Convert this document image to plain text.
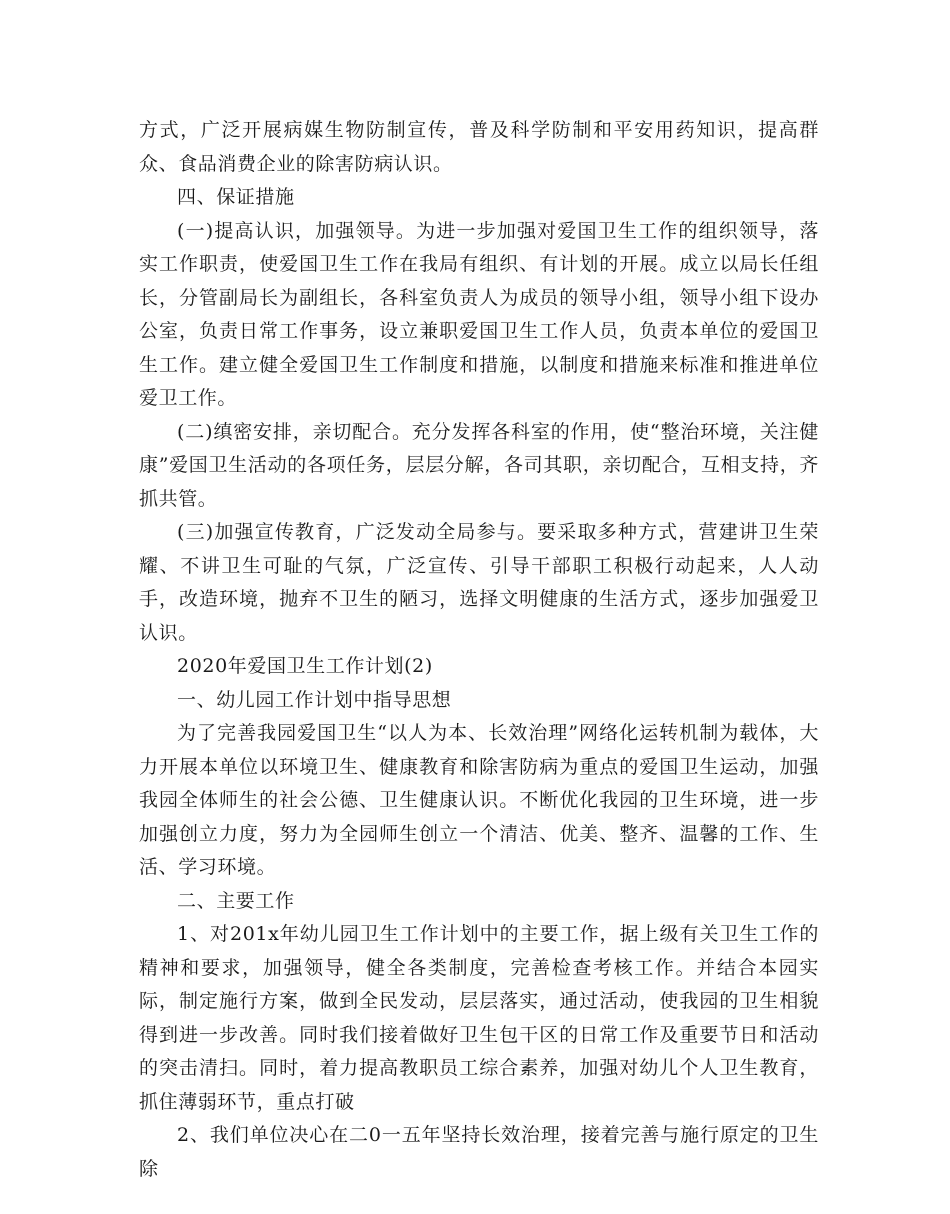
方式，广泛开展病媒生物防制宣传，普及科学防制和平安用药知识，提高群众、食品消费企业的除害防病认识。

四、保证措施

(一)提高认识，加强领导。为进一步加强对爱国卫生工作的组织领导，落实工作职责，使爱国卫生工作在我局有组织、有计划的开展。成立以局长任组长，分管副局长为副组长，各科室负责人为成员的领导小组，领导小组下设办公室，负责日常工作事务，设立兼职爱国卫生工作人员，负责本单位的爱国卫生工作。建立健全爱国卫生工作制度和措施，以制度和措施来标准和推进单位爱卫工作。

(二)缜密安排，亲切配合。充分发挥各科室的作用，使“整治环境，关注健康”爱国卫生活动的各项任务，层层分解，各司其职，亲切配合，互相支持，齐抓共管。

(三)加强宣传教育，广泛发动全局参与。要采取多种方式，营建讲卫生荣耀、不讲卫生可耻的气氛，广泛宣传、引导干部职工积极行动起来，人人动手，改造环境，抛弃不卫生的陋习，选择文明健康的生活方式，逐步加强爱卫认识。

2020年爱国卫生工作计划(2)

一、幼儿园工作计划中指导思想

为了完善我园爱国卫生“以人为本、长效治理”网络化运转机制为载体，大力开展本单位以环境卫生、健康教育和除害防病为重点的爱国卫生运动，加强我园全体师生的社会公德、卫生健康认识。不断优化我园的卫生环境，进一步加强创立力度，努力为全园师生创立一个清洁、优美、整齐、温馨的工作、生活、学习环境。

二、主要工作

1、对201x年幼儿园卫生工作计划中的主要工作，据上级有关卫生工作的精神和要求，加强领导，健全各类制度，完善检查考核工作。并结合本园实际，制定施行方案，做到全民发动，层层落实，通过活动，使我园的卫生相貌得到进一步改善。同时我们接着做好卫生包干区的日常工作及重要节日和活动的突击清扫。同时，着力提高教职员工综合素养，加强对幼儿个人卫生教育，抓住薄弱环节，重点打破

2、我们单位决心在二0一五年坚持长效治理，接着完善与施行原定的卫生除
